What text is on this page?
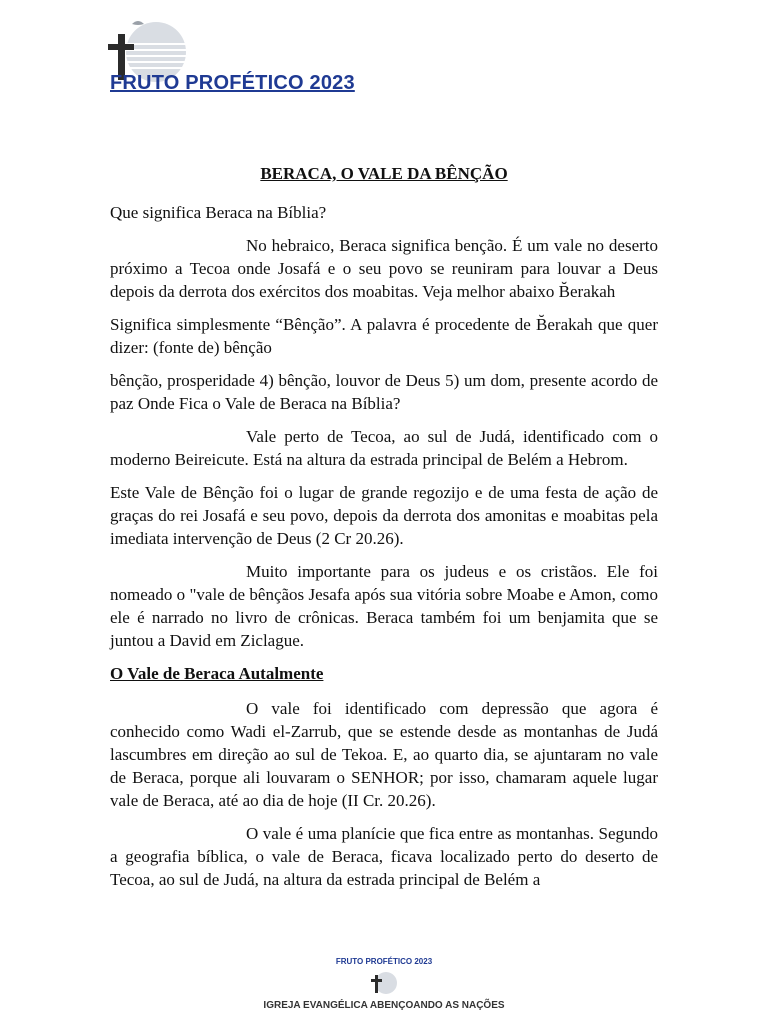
FRUTO PROFÉTICO 2023

BERACA, O VALE DA BÊNÇÃO

Que significa Beraca na Bíblia?

No hebraico, Beraca significa benção. É um vale no deserto próximo a Tecoa onde Josafá e o seu povo se reuniram para louvar a Deus depois da derrota dos exércitos dos moabitas. Veja melhor abaixo B̆erakah

Significa simplesmente “Bênção”. A palavra é procedente de B̆erakah que quer dizer: (fonte de) bênção

bênção, prosperidade 4) bênção, louvor de Deus 5) um dom, presente acordo de paz Onde Fica o Vale de Beraca na Bíblia?

Vale perto de Tecoa, ao sul de Judá, identificado com o moderno Beireicute. Está na altura da estrada principal de Belém a Hebrom.

Este Vale de Bênção foi o lugar de grande regozijo e de uma festa de ação de graças do rei Josafá e seu povo, depois da derrota dos amonitas e moabitas pela imediata intervenção de Deus (2 Cr 20.26).

Muito importante para os judeus e os cristãos. Ele foi nomeado o "vale de bênçãos Jesafa após sua vitória sobre Moabe e Amon, como ele é narrado no livro de crônicas. Beraca também foi um benjamita que se juntou a David em Ziclague.

O Vale de Beraca Autalmente

O vale foi identificado com depressão que agora é conhecido como Wadi el-Zarrub, que se estende desde as montanhas de Judá lascumbres em direção ao sul de Tekoa. E, ao quarto dia, se ajuntaram no vale de Beraca, porque ali louvaram o SENHOR; por isso, chamaram aquele lugar vale de Beraca, até ao dia de hoje (II Cr. 20.26).

O vale é uma planície que fica entre as montanhas. Segundo a geografia bíblica, o vale de Beraca, ficava localizado perto do deserto de Tecoa, ao sul de Judá, na altura da estrada principal de Belém a

FRUTO PROFÉTICO 2023
IGREJA EVANGÉLICA ABENÇOANDO AS NAÇÕES
